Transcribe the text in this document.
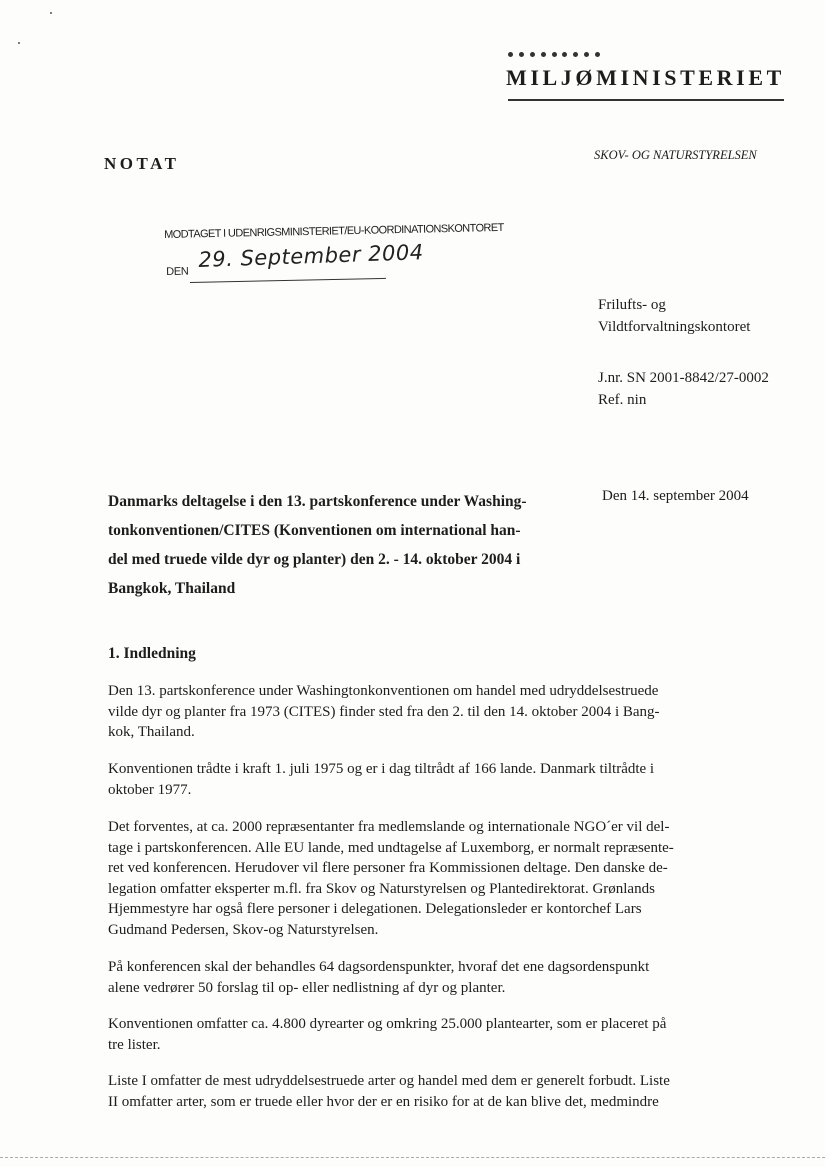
MILJØMINISTERIET
NOTAT	SKOV- OG NATURSTYRELSEN
MODTAGET I UDENRIGSMINISTERIET/EU-KOORDINATIONSKONTORET
DEN 29. September 2004
Frilufts- og
Vildtforvaltningskontoret
J.nr. SN 2001-8842/27-0002
Ref. nin
Den 14. september 2004
Danmarks deltagelse i den 13. partskonference under Washing-
tonkonventionen/CITES (Konventionen om international han-
del med truede vilde dyr og planter) den 2. - 14. oktober 2004 i
Bangkok, Thailand
1. Indledning
Den 13. partskonference under Washingtonkonventionen om handel med udryddelsestruede
vilde dyr og planter fra 1973 (CITES) finder sted fra den 2. til den 14. oktober 2004 i Bang-
kok, Thailand.
Konventionen trådte i kraft 1. juli 1975 og er i dag tiltrådt af 166 lande. Danmark tiltrådte i
oktober 1977.
Det forventes, at ca. 2000 repræsentanter fra medlemslande og internationale NGO´er vil del-
tage i partskonferencen. Alle EU lande, med undtagelse af Luxemborg, er normalt repræsente-
ret ved konferencen. Herudover vil flere personer fra Kommissionen deltage. Den danske de-
legation omfatter eksperter m.fl. fra Skov og Naturstyrelsen og Plantedirektorat. Grønlands
Hjemmestyre har også flere personer i delegationen. Delegationsleder er kontorchef Lars
Gudmand Pedersen, Skov-og Naturstyrelsen.
På konferencen skal der behandles 64 dagsordenspunkter, hvoraf det ene dagsordenspunkt
alene vedrører 50 forslag til op- eller nedlistning af dyr og planter.
Konventionen omfatter ca. 4.800 dyrearter og omkring 25.000 plantearter, som er placeret på
tre lister.
Liste I omfatter de mest udryddelsestruede arter og handel med dem er generelt forbudt. Liste
II omfatter arter, som er truede eller hvor der er en risiko for at de kan blive det, medmindre
